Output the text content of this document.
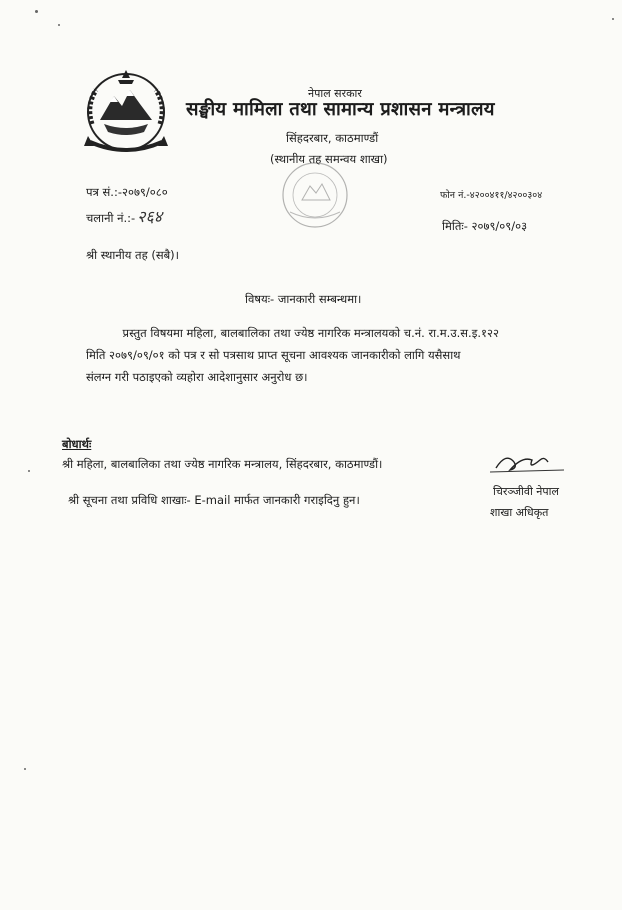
नेपाल सरकार
सङ्घीय मामिला तथा सामान्य प्रशासन मन्त्रालय
सिंहदरबार, काठमाण्डौं
(स्थानीय तह समन्वय शाखा)
पत्र सं.:-२०७९/०८०
चलानी नं.:- २६४
फोन नं.-४२००४११/४२००३०४
मितिः- २०७९/०९/०३
श्री स्थानीय तह (सबै)।
विषयः- जानकारी सम्बन्धमा।
प्रस्तुत विषयमा महिला, बालबालिका तथा ज्येष्ठ नागरिक मन्त्रालयको च.नं. रा.म.उ.स.इ.१२२
मिति २०७९/०९/०१ को पत्र र सो पत्रसाथ प्राप्त सूचना आवश्यक जानकारीको लागि यसैसाथ
संलग्न गरी पठाइएको व्यहोरा आदेशानुसार अनुरोध छ।
बोधार्थः
श्री महिला, बालबालिका तथा ज्येष्ठ नागरिक मन्त्रालय, सिंहदरबार, काठमाण्डौं।
श्री सूचना तथा प्रविधि शाखाः- E-mail मार्फत जानकारी गराइदिनु हुन।
चिरञ्जीवी नेपाल
शाखा अधिकृत
